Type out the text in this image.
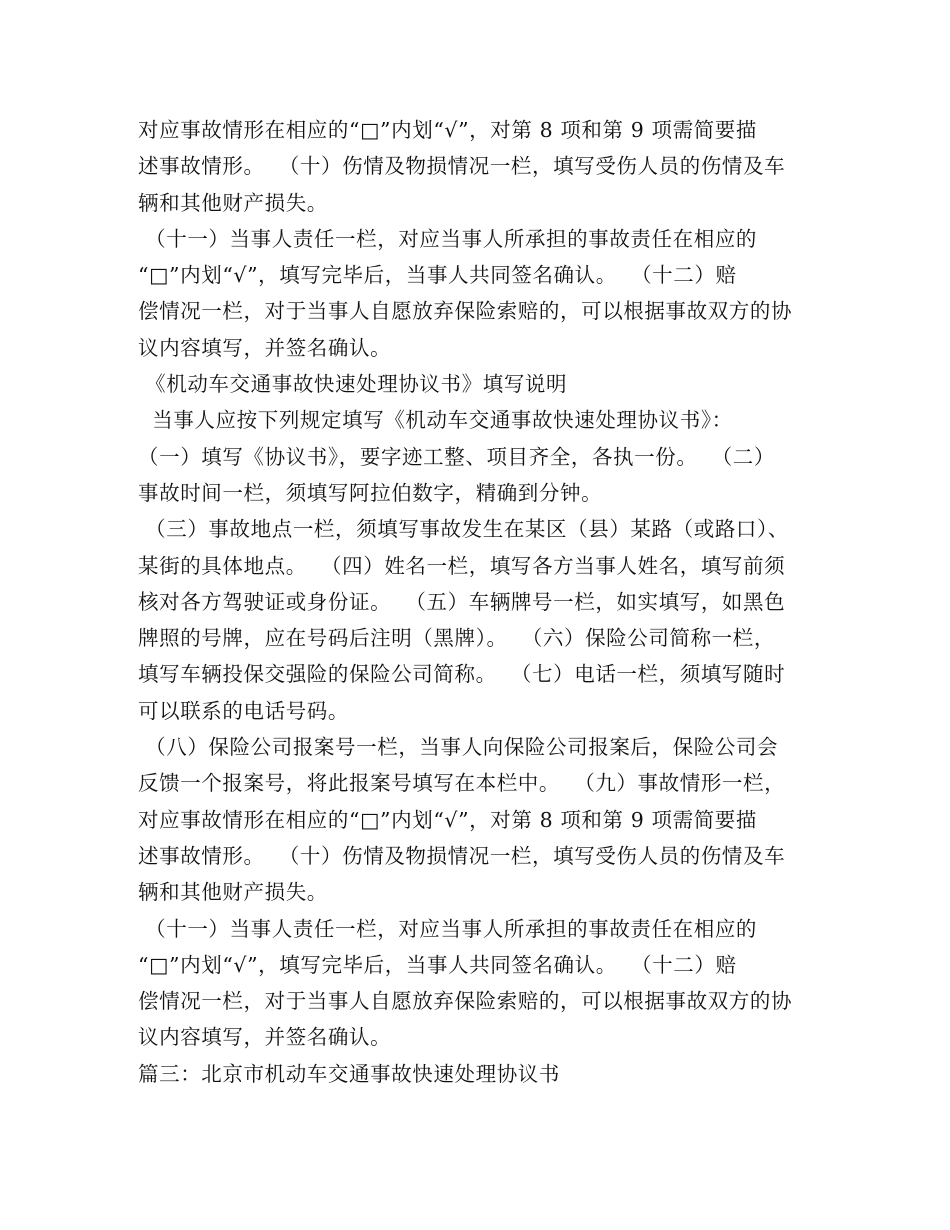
对应事故情形在相应的“□”内划“√”，对第 8 项和第 9 项需简要描
述事故情形。  （十）伤情及物损情况一栏，填写受伤人员的伤情及车
辆和其他财产损失。
（十一）当事人责任一栏，对应当事人所承担的事故责任在相应的
“□”内划“√”，填写完毕后，当事人共同签名确认。  （十二）赔
偿情况一栏，对于当事人自愿放弃保险索赔的，可以根据事故双方的协
议内容填写，并签名确认。
《机动车交通事故快速处理协议书》填写说明
当事人应按下列规定填写《机动车交通事故快速处理协议书》：
（一）填写《协议书》，要字迹工整、项目齐全，各执一份。  （二）
事故时间一栏，须填写阿拉伯数字，精确到分钟。
（三）事故地点一栏，须填写事故发生在某区（县）某路（或路口）、
某街的具体地点。  （四）姓名一栏，填写各方当事人姓名，填写前须
核对各方驾驶证或身份证。  （五）车辆牌号一栏，如实填写，如黑色
牌照的号牌，应在号码后注明（黑牌）。  （六）保险公司简称一栏，
填写车辆投保交强险的保险公司简称。  （七）电话一栏，须填写随时
可以联系的电话号码。
（八）保险公司报案号一栏，当事人向保险公司报案后，保险公司会
反馈一个报案号，将此报案号填写在本栏中。  （九）事故情形一栏，
对应事故情形在相应的“□”内划“√”，对第 8 项和第 9 项需简要描
述事故情形。  （十）伤情及物损情况一栏，填写受伤人员的伤情及车
辆和其他财产损失。
（十一）当事人责任一栏，对应当事人所承担的事故责任在相应的
“□”内划“√”，填写完毕后，当事人共同签名确认。  （十二）赔
偿情况一栏，对于当事人自愿放弃保险索赔的，可以根据事故双方的协
议内容填写，并签名确认。
篇三：北京市机动车交通事故快速处理协议书
